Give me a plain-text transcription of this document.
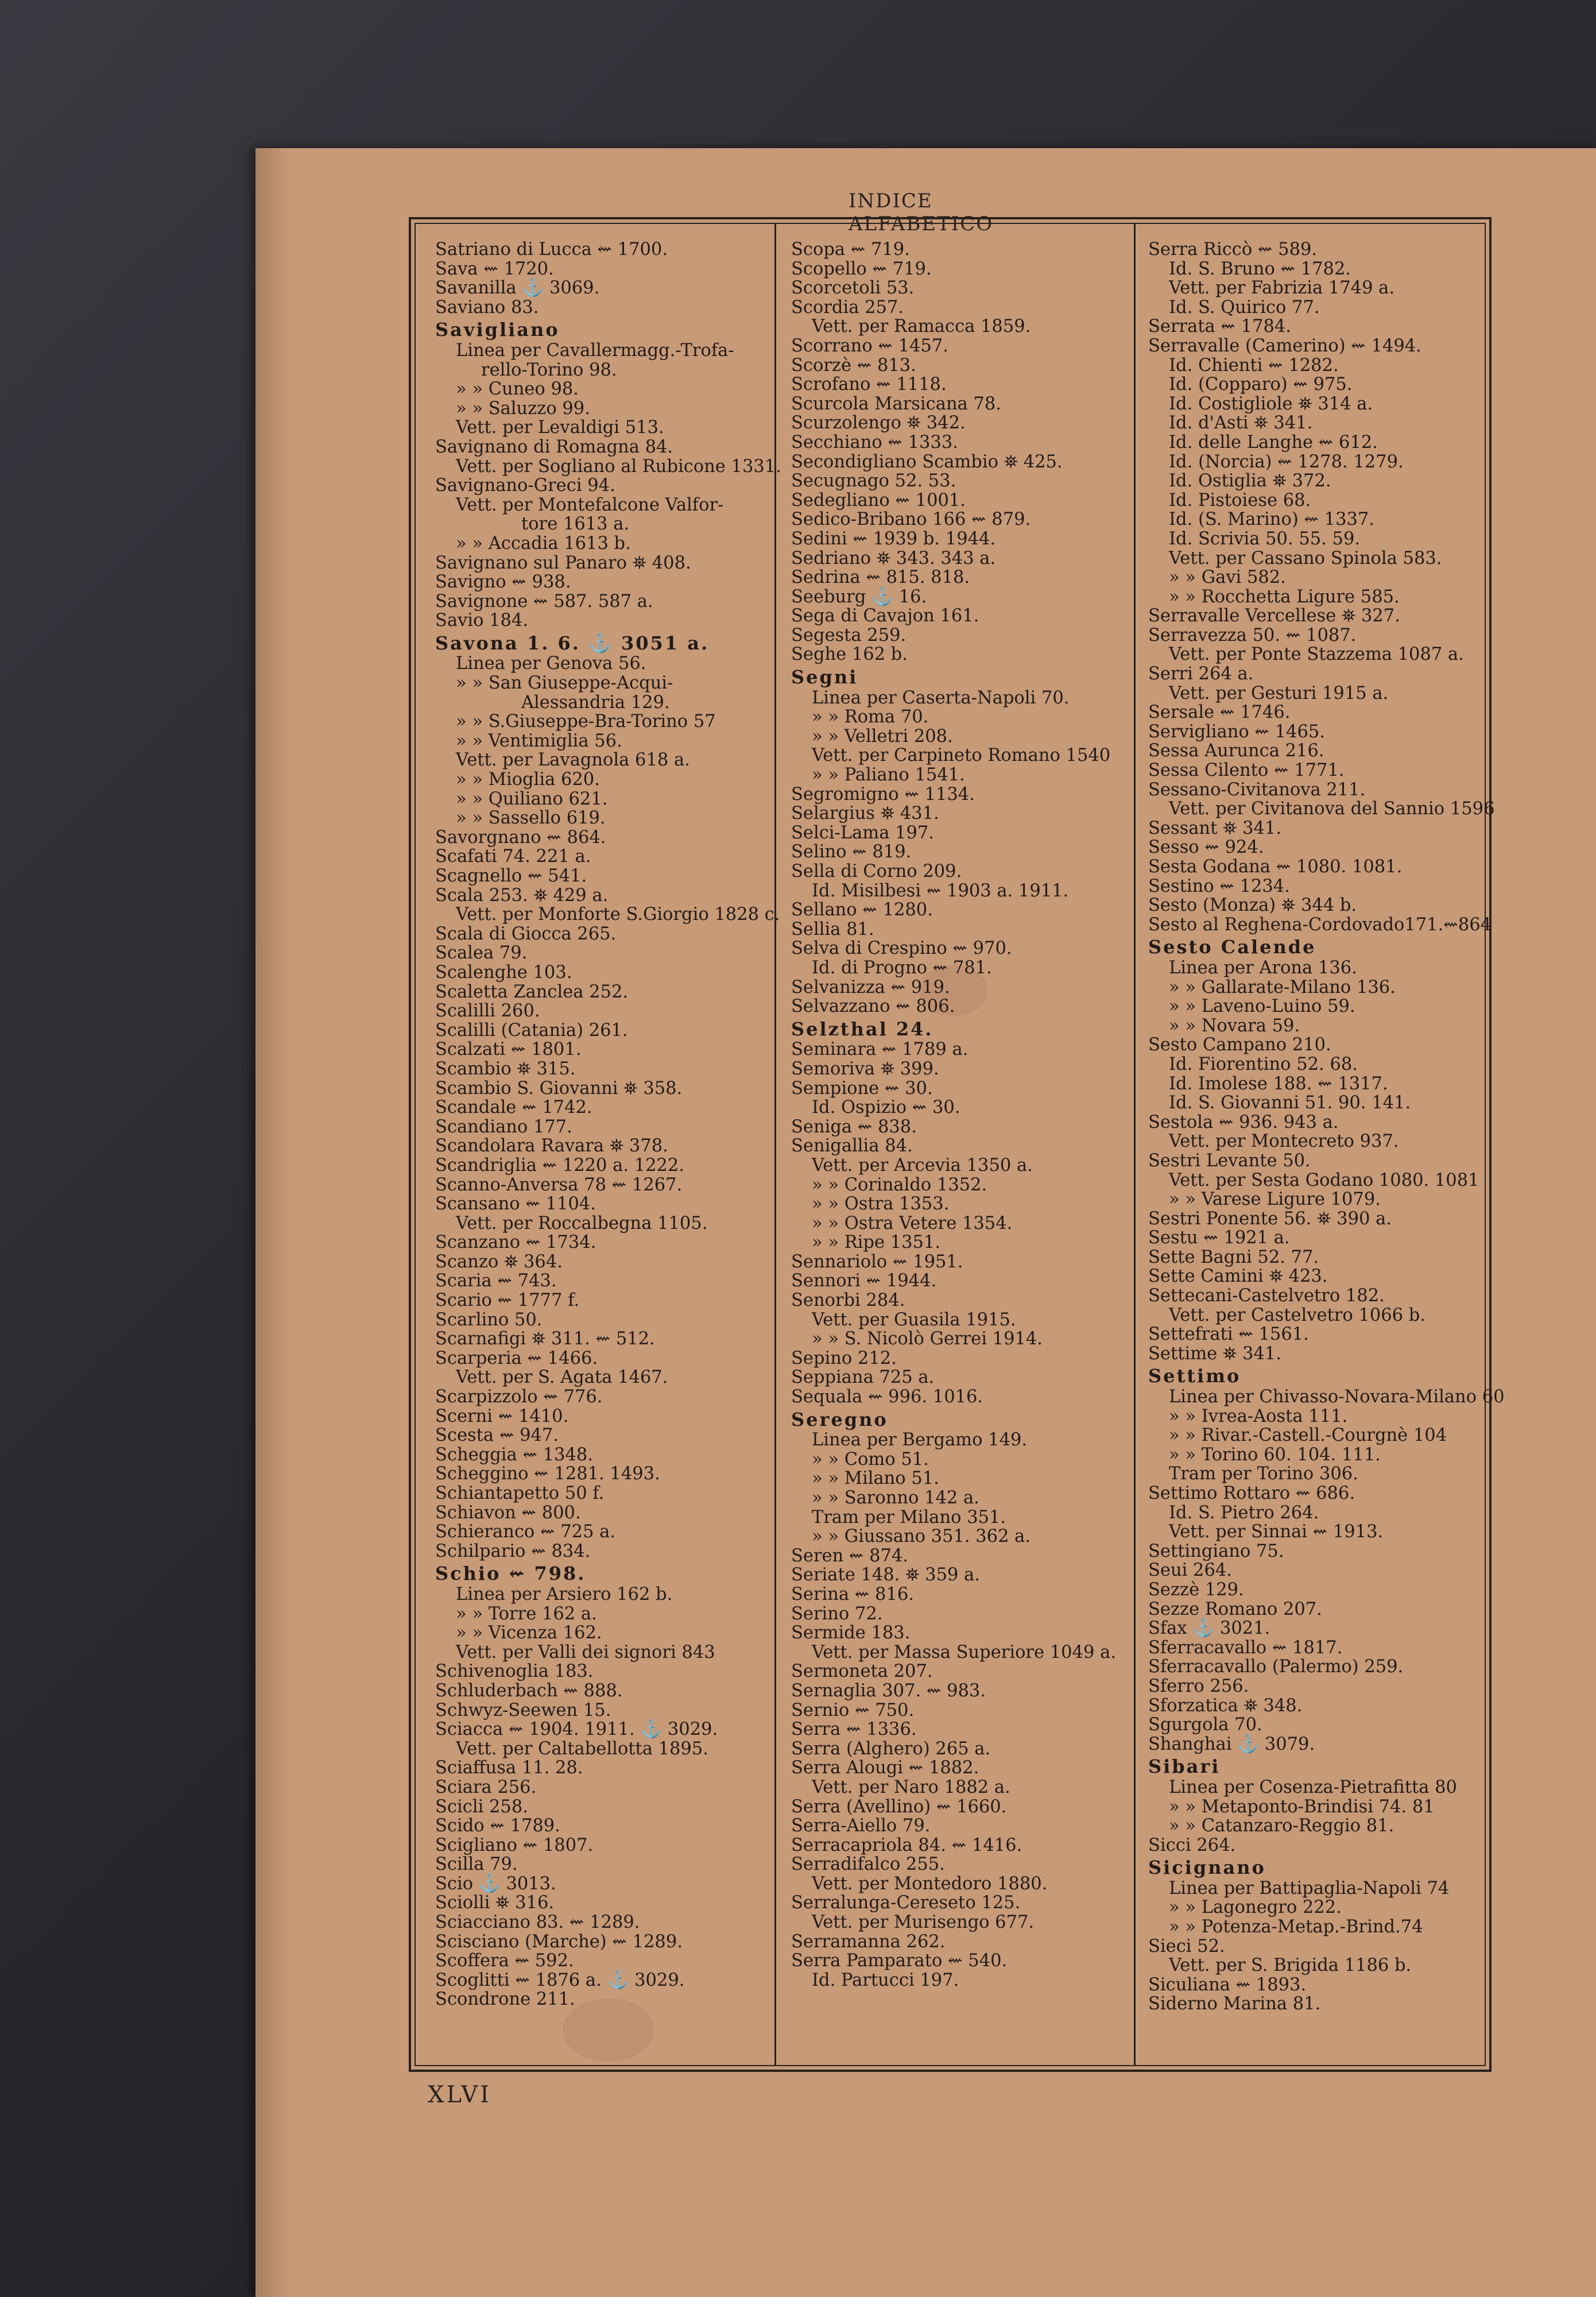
INDICE ALFABETICO
Satriano di Lucca ⇜ 1700.
Sava ⇜ 1720.
Savanilla ⚓ 3069.
Saviano 83.
Savigliano
Linea per Cavallermagg.-Trofa-
rello-Torino 98.
» » Cuneo 98.
» » Saluzzo 99.
Vett. per Levaldigi 513.
Savignano di Romagna 84.
Vett. per Sogliano al Rubicone 1331.
Savignano-Greci 94.
Vett. per Montefalcone Valfor-
tore 1613 a.
» » Accadia 1613 b.
Savignano sul Panaro ⛯ 408.
Savigno ⇜ 938.
Savignone ⇜ 587. 587 a.
Savio 184.
Savona 1. 6. ⚓ 3051 a.
Linea per Genova 56.
» » San Giuseppe-Acqui-
Alessandria 129.
» » S.Giuseppe-Bra-Torino 57
» » Ventimiglia 56.
Vett. per Lavagnola 618 a.
» » Mioglia 620.
» » Quiliano 621.
» » Sassello 619.
Savorgnano ⇜ 864.
Scafati 74. 221 a.
Scagnello ⇜ 541.
Scala 253. ⛯ 429 a.
Vett. per Monforte S.Giorgio 1828 c.
Scala di Giocca 265.
Scalea 79.
Scalenghe 103.
Scaletta Zanclea 252.
Scalilli 260.
Scalilli (Catania) 261.
Scalzati ⇜ 1801.
Scambio ⛯ 315.
Scambio S. Giovanni ⛯ 358.
Scandale ⇜ 1742.
Scandiano 177.
Scandolara Ravara ⛯ 378.
Scandriglia ⇜ 1220 a. 1222.
Scanno-Anversa 78 ⇜ 1267.
Scansano ⇜ 1104.
Vett. per Roccalbegna 1105.
Scanzano ⇜ 1734.
Scanzo ⛯ 364.
Scaria ⇜ 743.
Scario ⇜ 1777 f.
Scarlino 50.
Scarnafigi ⛯ 311. ⇜ 512.
Scarperia ⇜ 1466.
Vett. per S. Agata 1467.
Scarpizzolo ⇜ 776.
Scerni ⇜ 1410.
Scesta ⇜ 947.
Scheggia ⇜ 1348.
Scheggino ⇜ 1281. 1493.
Schiantapetto 50 f.
Schiavon ⇜ 800.
Schieranco ⇜ 725 a.
Schilpario ⇜ 834.
Schio ⇜ 798.
Linea per Arsiero 162 b.
» » Torre 162 a.
» » Vicenza 162.
Vett. per Valli dei signori 843
Schivenoglia 183.
Schluderbach ⇜ 888.
Schwyz-Seewen 15.
Sciacca ⇜ 1904. 1911. ⚓ 3029.
Vett. per Caltabellotta 1895.
Sciaffusa 11. 28.
Sciara 256.
Scicli 258.
Scido ⇜ 1789.
Scigliano ⇜ 1807.
Scilla 79.
Scio ⚓ 3013.
Sciolli ⛯ 316.
Sciacciano 83. ⇜ 1289.
Scisciano (Marche) ⇜ 1289.
Scoffera ⇜ 592.
Scoglitti ⇜ 1876 a. ⚓ 3029.
Scondrone 211.
Scopa ⇜ 719.
Scopello ⇜ 719.
Scorcetoli 53.
Scordia 257.
Vett. per Ramacca 1859.
Scorrano ⇜ 1457.
Scorzè ⇜ 813.
Scrofano ⇜ 1118.
Scurcola Marsicana 78.
Scurzolengo ⛯ 342.
Secchiano ⇜ 1333.
Secondigliano Scambio ⛯ 425.
Secugnago 52. 53.
Sedegliano ⇜ 1001.
Sedico-Bribano 166 ⇜ 879.
Sedini ⇜ 1939 b. 1944.
Sedriano ⛯ 343. 343 a.
Sedrina ⇜ 815. 818.
Seeburg ⚓ 16.
Sega di Cavajon 161.
Segesta 259.
Seghe 162 b.
Segni
Linea per Caserta-Napoli 70.
» » Roma 70.
» » Velletri 208.
Vett. per Carpineto Romano 1540
» » Paliano 1541.
Segromigno ⇜ 1134.
Selargius ⛯ 431.
Selci-Lama 197.
Selino ⇜ 819.
Sella di Corno 209.
Id. Misilbesi ⇜ 1903 a. 1911.
Sellano ⇜ 1280.
Sellia 81.
Selva di Crespino ⇜ 970.
Id. di Progno ⇜ 781.
Selvanizza ⇜ 919.
Selvazzano ⇜ 806.
Selzthal 24.
Seminara ⇜ 1789 a.
Semoriva ⛯ 399.
Sempione ⇜ 30.
Id. Ospizio ⇜ 30.
Seniga ⇜ 838.
Senigallia 84.
Vett. per Arcevia 1350 a.
» » Corinaldo 1352.
» » Ostra 1353.
» » Ostra Vetere 1354.
» » Ripe 1351.
Sennariolo ⇜ 1951.
Sennori ⇜ 1944.
Senorbi 284.
Vett. per Guasila 1915.
» » S. Nicolò Gerrei 1914.
Sepino 212.
Seppiana 725 a.
Sequala ⇜ 996. 1016.
Seregno
Linea per Bergamo 149.
» » Como 51.
» » Milano 51.
» » Saronno 142 a.
Tram per Milano 351.
» » Giussano 351. 362 a.
Seren ⇜ 874.
Seriate 148. ⛯ 359 a.
Serina ⇜ 816.
Serino 72.
Sermide 183.
Vett. per Massa Superiore 1049 a.
Sermoneta 207.
Sernaglia 307. ⇜ 983.
Sernio ⇜ 750.
Serra ⇜ 1336.
Serra (Alghero) 265 a.
Serra Alougi ⇜ 1882.
Vett. per Naro 1882 a.
Serra (Avellino) ⇜ 1660.
Serra-Aiello 79.
Serracapriola 84. ⇜ 1416.
Serradifalco 255.
Vett. per Montedoro 1880.
Serralunga-Cereseto 125.
Vett. per Murisengo 677.
Serramanna 262.
Serra Pamparato ⇜ 540.
Id. Partucci 197.
Serra Riccò ⇜ 589.
Id. S. Bruno ⇜ 1782.
Vett. per Fabrizia 1749 a.
Id. S. Quirico 77.
Serrata ⇜ 1784.
Serravalle (Camerino) ⇜ 1494.
Id. Chienti ⇜ 1282.
Id. (Copparo) ⇜ 975.
Id. Costigliole ⛯ 314 a.
Id. d'Asti ⛯ 341.
Id. delle Langhe ⇜ 612.
Id. (Norcia) ⇜ 1278. 1279.
Id. Ostiglia ⛯ 372.
Id. Pistoiese 68.
Id. (S. Marino) ⇜ 1337.
Id. Scrivia 50. 55. 59.
Vett. per Cassano Spinola 583.
» » Gavi 582.
» » Rocchetta Ligure 585.
Serravalle Vercellese ⛯ 327.
Serravezza 50. ⇜ 1087.
Vett. per Ponte Stazzema 1087 a.
Serri 264 a.
Vett. per Gesturi 1915 a.
Sersale ⇜ 1746.
Servigliano ⇜ 1465.
Sessa Aurunca 216.
Sessa Cilento ⇜ 1771.
Sessano-Civitanova 211.
Vett. per Civitanova del Sannio 1596
Sessant ⛯ 341.
Sesso ⇜ 924.
Sesta Godana ⇜ 1080. 1081.
Sestino ⇜ 1234.
Sesto (Monza) ⛯ 344 b.
Sesto al Reghena-Cordovado171.⇜864
Sesto Calende
Linea per Arona 136.
» » Gallarate-Milano 136.
» » Laveno-Luino 59.
» » Novara 59.
Sesto Campano 210.
Id. Fiorentino 52. 68.
Id. Imolese 188. ⇜ 1317.
Id. S. Giovanni 51. 90. 141.
Sestola ⇜ 936. 943 a.
Vett. per Montecreto 937.
Sestri Levante 50.
Vett. per Sesta Godano 1080. 1081
» » Varese Ligure 1079.
Sestri Ponente 56. ⛯ 390 a.
Sestu ⇜ 1921 a.
Sette Bagni 52. 77.
Sette Camini ⛯ 423.
Settecani-Castelvetro 182.
Vett. per Castelvetro 1066 b.
Settefrati ⇜ 1561.
Settime ⛯ 341.
Settimo
Linea per Chivasso-Novara-Milano 60
» » Ivrea-Aosta 111.
» » Rivar.-Castell.-Courgnè 104
» » Torino 60. 104. 111.
Tram per Torino 306.
Settimo Rottaro ⇜ 686.
Id. S. Pietro 264.
Vett. per Sinnai ⇜ 1913.
Settingiano 75.
Seui 264.
Sezzè 129.
Sezze Romano 207.
Sfax ⚓ 3021.
Sferracavallo ⇜ 1817.
Sferracavallo (Palermo) 259.
Sferro 256.
Sforzatica ⛯ 348.
Sgurgola 70.
Shanghai ⚓ 3079.
Sibari
Linea per Cosenza-Pietrafitta 80
» » Metaponto-Brindisi 74. 81
» » Catanzaro-Reggio 81.
Sicci 264.
Sicignano
Linea per Battipaglia-Napoli 74
» » Lagonegro 222.
» » Potenza-Metap.-Brind.74
Sieci 52.
Vett. per S. Brigida 1186 b.
Siculiana ⇜ 1893.
Siderno Marina 81.
XLVI
